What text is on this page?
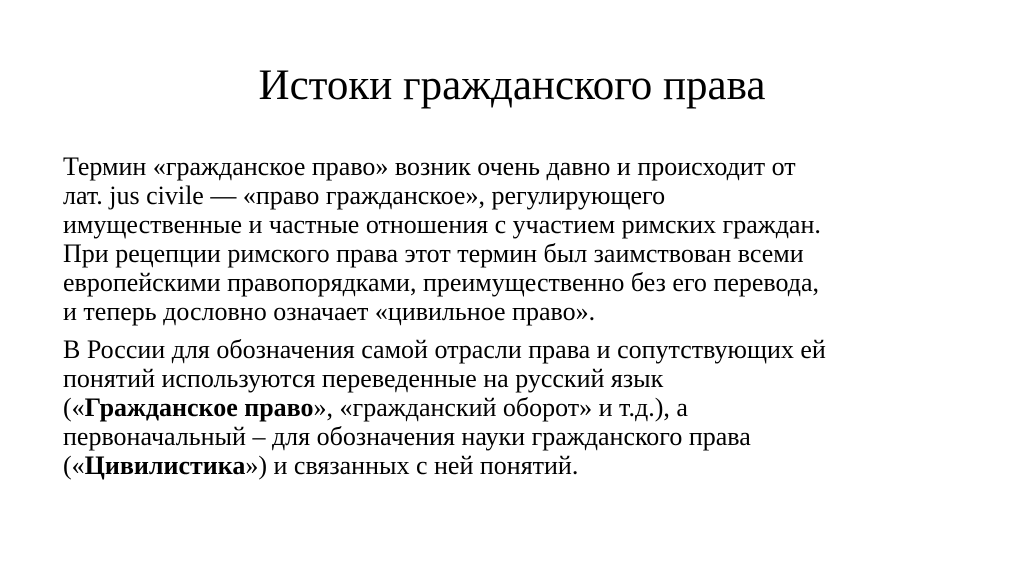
Истоки гражданского права

Термин «гражданское право» возник очень давно и происходит от
лат. jus civile — «право гражданское», регулирующего
имущественные и частные отношения с участием римских граждан.
При рецепции римского права этот термин был заимствован всеми
европейскими правопорядками, преимущественно без его перевода,
и теперь дословно означает «цивильное право».

В России для обозначения самой отрасли права и сопутствующих ей
понятий используются переведенные на русский язык
(«Гражданское право», «гражданский оборот» и т.д.), а
первоначальный – для обозначения науки гражданского права
(«Цивилистика») и связанных с ней понятий.
